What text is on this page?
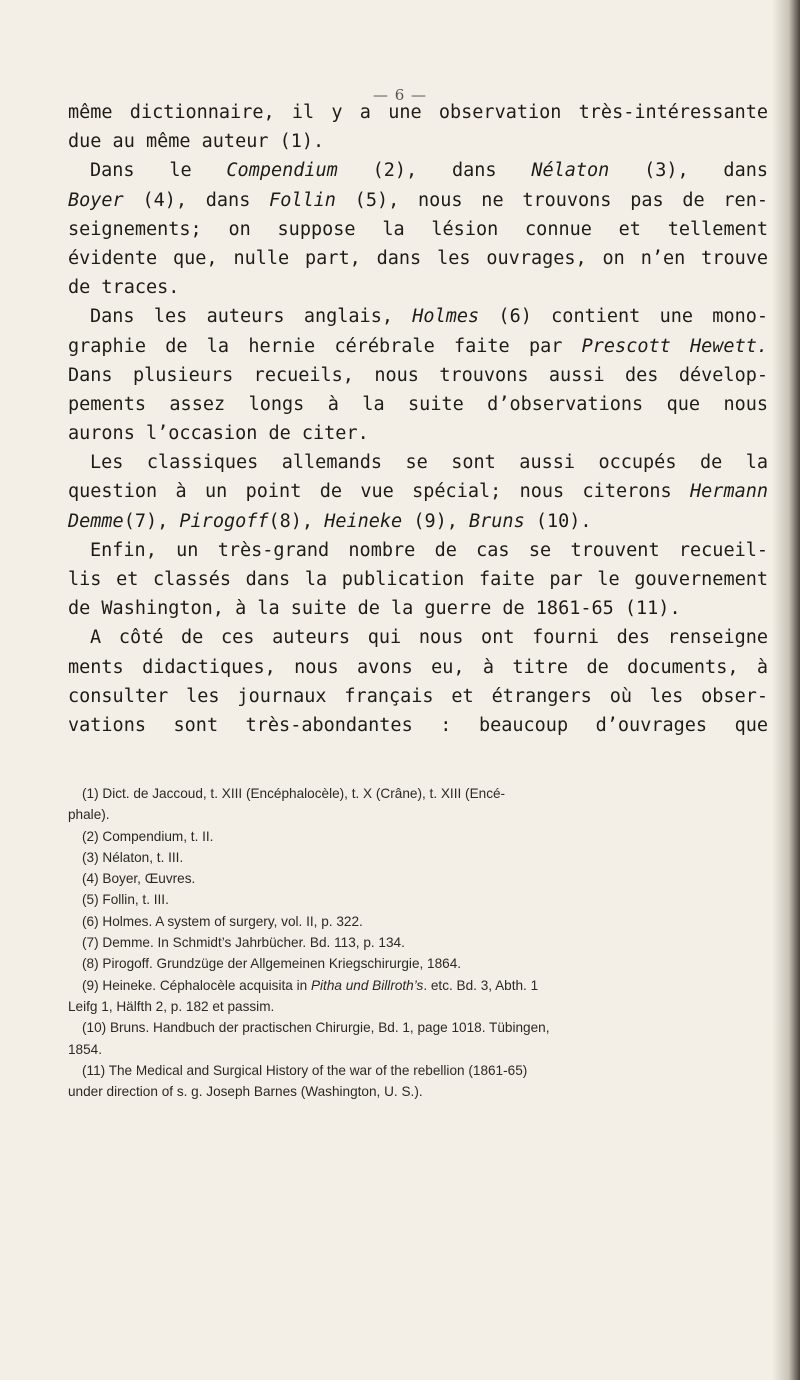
— 6 —
même dictionnaire, il y a une observation très-intéressante
due au même auteur (1).
Dans le Compendium (2), dans Nélaton (3), dans
Boyer (4), dans Follin (5), nous ne trouvons pas de ren-
seignements; on suppose la lésion connue et tellement
évidente que, nulle part, dans les ouvrages, on n’en trouve
de traces.
Dans les auteurs anglais, Holmes (6) contient une mono-
graphie de la hernie cérébrale faite par Prescott Hewett.
Dans plusieurs recueils, nous trouvons aussi des dévelop-
pements assez longs à la suite d’observations que nous
aurons l’occasion de citer.
Les classiques allemands se sont aussi occupés de la
question à un point de vue spécial; nous citerons Hermann
Demme(7), Pirogoff(8), Heineke (9), Bruns (10).
Enfin, un très-grand nombre de cas se trouvent recueil-
lis et classés dans la publication faite par le gouvernement
de Washington, à la suite de la guerre de 1861-65 (11).
A côté de ces auteurs qui nous ont fourni des renseigne
ments didactiques, nous avons eu, à titre de documents, à
consulter les journaux français et étrangers où les obser-
vations sont très-abondantes : beaucoup d’ouvrages que
(1) Dict. de Jaccoud, t. XIII (Encéphalocèle), t. X (Crâne), t. XIII (Encé-
phale).
(2) Compendium, t. II.
(3) Nélaton, t. III.
(4) Boyer, Œuvres.
(5) Follin, t. III.
(6) Holmes. A system of surgery, vol. II, p. 322.
(7) Demme. In Schmidt’s Jahrbücher. Bd. 113, p. 134.
(8) Pirogoff. Grundzüge der Allgemeinen Kriegschirurgie, 1864.
(9) Heineke. Céphalocèle acquisita in Pitha und Billroth’s. etc. Bd. 3, Abth. 1
Leifg 1, Hälfth 2, p. 182 et passim.
(10) Bruns. Handbuch der practischen Chirurgie, Bd. 1, page 1018. Tübingen,
1854.
(11) The Medical and Surgical History of the war of the rebellion (1861-65)
under direction of s. g. Joseph Barnes (Washington, U. S.).
